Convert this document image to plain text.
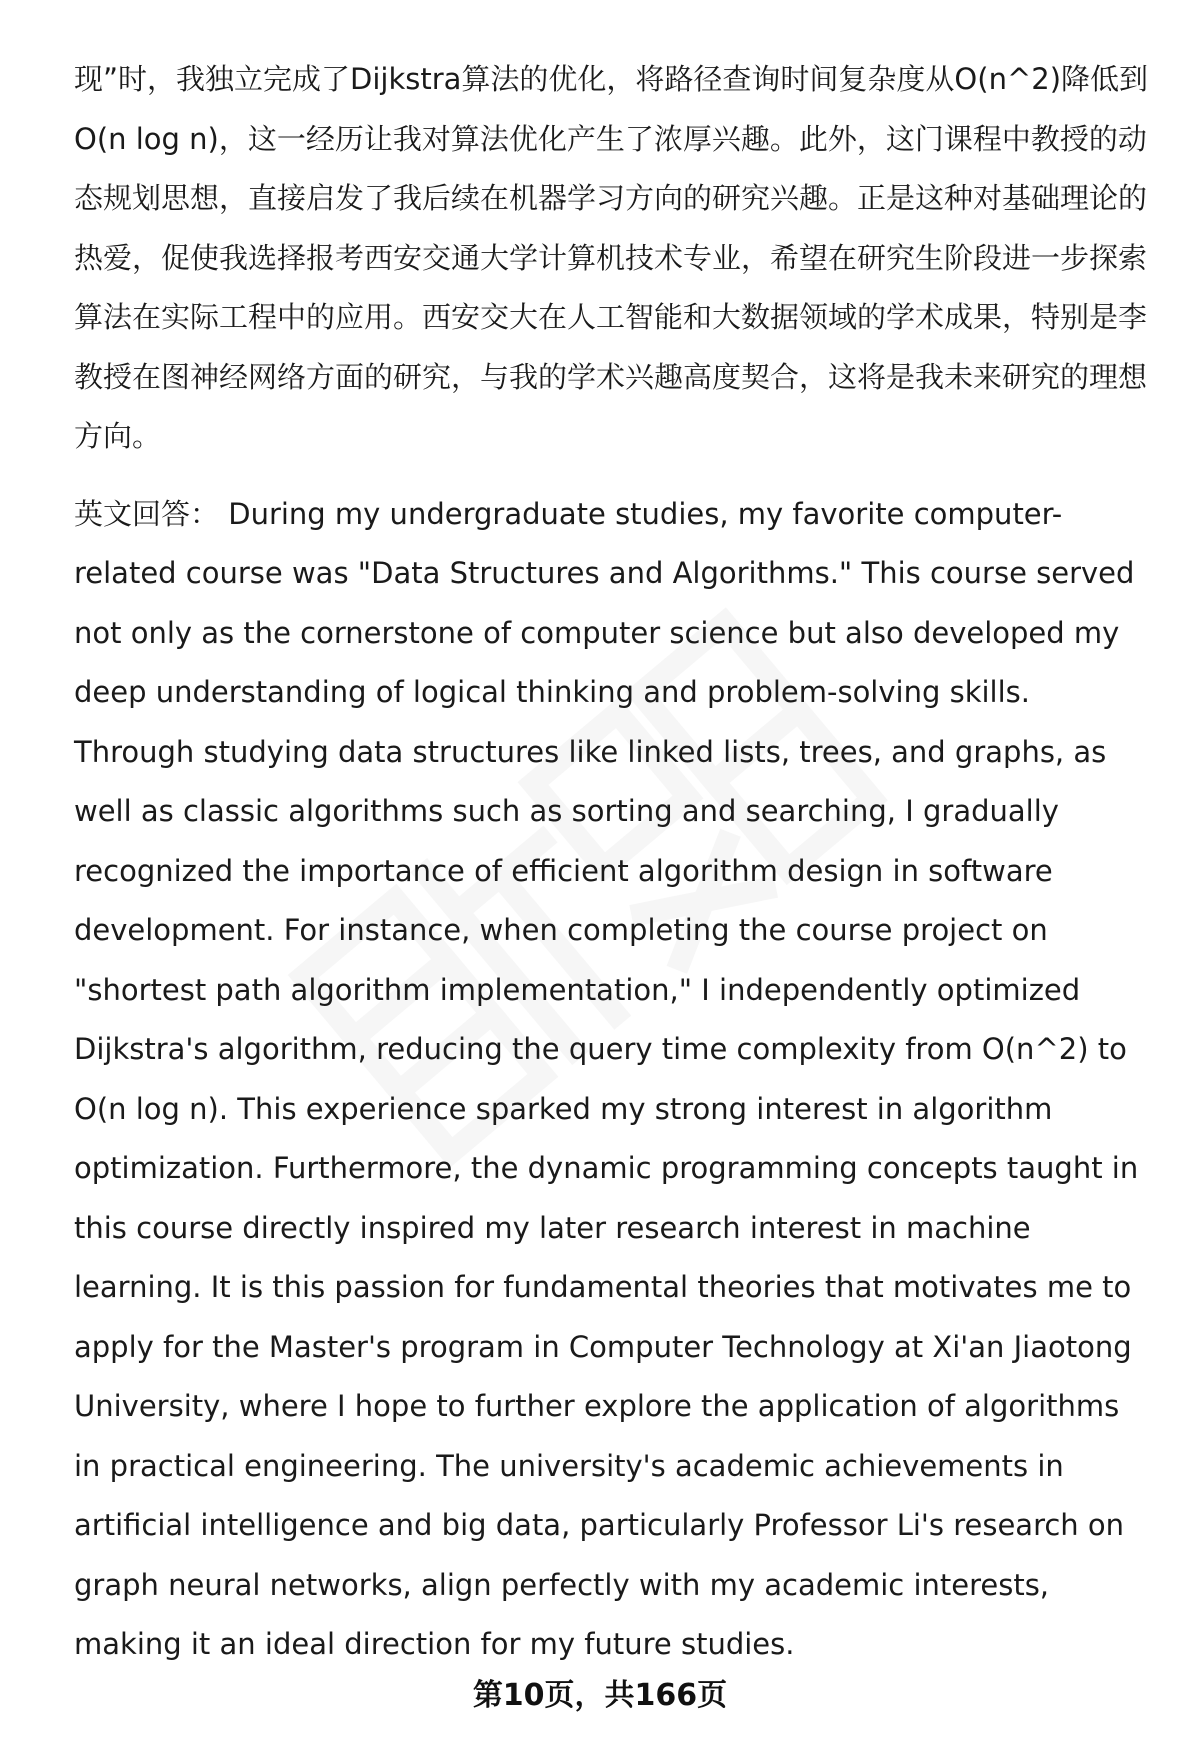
现”时，我独立完成了Dijkstra算法的优化，将路径查询时间复杂度从O(n^2)降低到O(n log n)，这一经历让我对算法优化产生了浓厚兴趣。此外，这门课程中教授的动态规划思想，直接启发了我后续在机器学习方向的研究兴趣。正是这种对基础理论的热爱，促使我选择报考西安交通大学计算机技术专业，希望在研究生阶段进一步探索算法在实际工程中的应用。西安交大在人工智能和大数据领域的学术成果，特别是李教授在图神经网络方面的研究，与我的学术兴趣高度契合，这将是我未来研究的理想方向。

英文回答： During my undergraduate studies, my favorite computer-related course was "Data Structures and Algorithms." This course served not only as the cornerstone of computer science but also developed my deep understanding of logical thinking and problem-solving skills. Through studying data structures like linked lists, trees, and graphs, as well as classic algorithms such as sorting and searching, I gradually recognized the importance of efficient algorithm design in software development. For instance, when completing the course project on "shortest path algorithm implementation," I independently optimized Dijkstra's algorithm, reducing the query time complexity from O(n^2) to O(n log n). This experience sparked my strong interest in algorithm optimization. Furthermore, the dynamic programming concepts taught in this course directly inspired my later research interest in machine learning. It is this passion for fundamental theories that motivates me to apply for the Master's program in Computer Technology at Xi'an Jiaotong University, where I hope to further explore the application of algorithms in practical engineering. The university's academic achievements in artificial intelligence and big data, particularly Professor Li's research on graph neural networks, align perfectly with my academic interests, making it an ideal direction for my future studies.

第10页，共166页
